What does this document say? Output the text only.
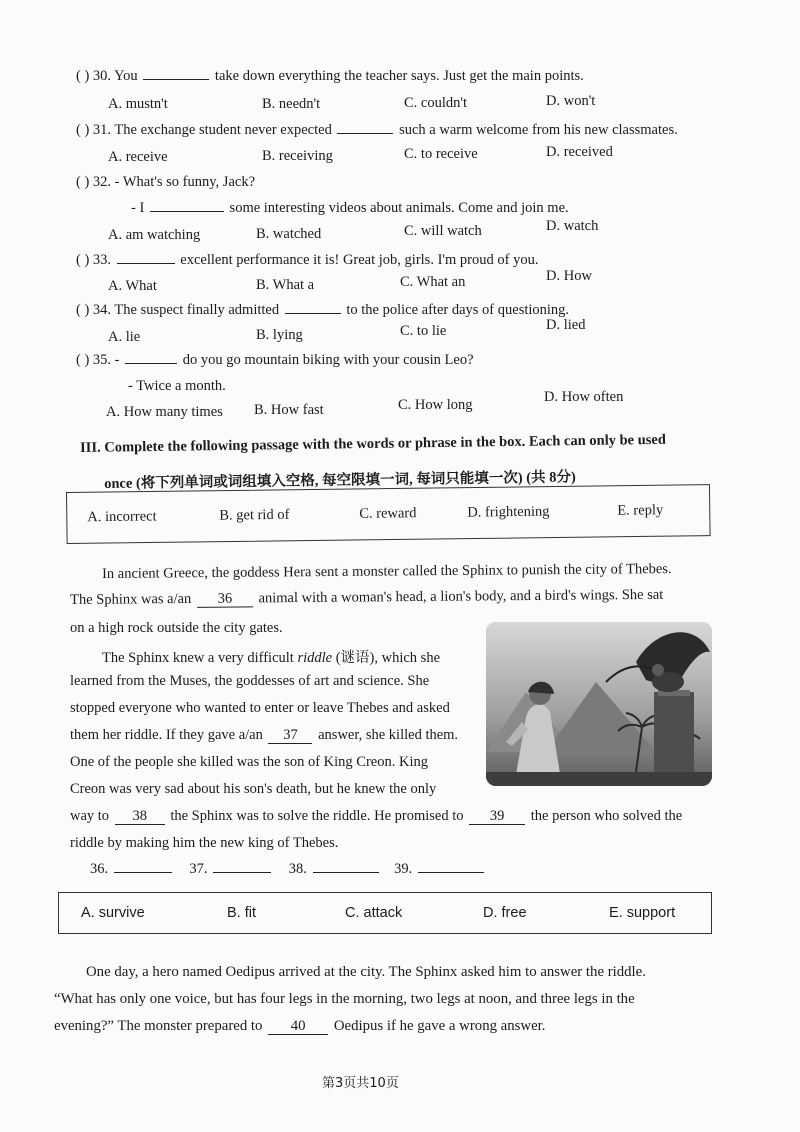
( ) 30. You	take down everything the teacher says. Just get the main points.
A. mustn't	B. needn't	C. couldn't	D. won't
( ) 31. The exchange student never expected	such a warm welcome from his new classmates.
A. receive	B. receiving	C. to receive	D. received
( ) 32. - What's so funny, Jack?
- I	some interesting videos about animals. Come and join me.
A. am watching	B. watched	C. will watch	D. watch
( ) 33.	excellent performance it is! Great job, girls. I'm proud of you.
A. What	B. What a	C. What an	D. How
( ) 34. The suspect finally admitted	to the police after days of questioning.
A. lie	B. lying	C. to lie	D. lied
( ) 35. -	do you go mountain biking with your cousin Leo?
- Twice a month.
A. How many times B. How fast	C. How long	D. How often
III. Complete the following passage with the words or phrase in the box. Each can only be used
once (将下列单词或词组填入空格, 每空限填一词, 每词只能填一次) (共 8分)
A. incorrect	B. get rid of	C. reward	D. frightening	E. reply
In ancient Greece, the goddess Hera sent a monster called the Sphinx to punish the city of Thebes.
The Sphinx was a/an 36 animal with a woman's head, a lion's body, and a bird's wings. She sat
on a high rock outside the city gates.
The Sphinx knew a very difficult riddle (谜语), which she
learned from the Muses, the goddesses of art and science. She
stopped everyone who wanted to enter or leave Thebes and asked
them her riddle. If they gave a/an 37 answer, she killed them.
One of the people she killed was the son of King Creon. King
Creon was very sad about his son's death, but he knew the only
way to 38 the Sphinx was to solve the riddle. He promised to 39 the person who solved the
riddle by making him the new king of Thebes.
36.	37.	38.	39.
A. survive	B. fit	C. attack	D. free	E. support
One day, a hero named Oedipus arrived at the city. The Sphinx asked him to answer the riddle.
“What has only one voice, but has four legs in the morning, two legs at noon, and three legs in the
evening?” The monster prepared to 40 Oedipus if he gave a wrong answer.
第3页共10页
